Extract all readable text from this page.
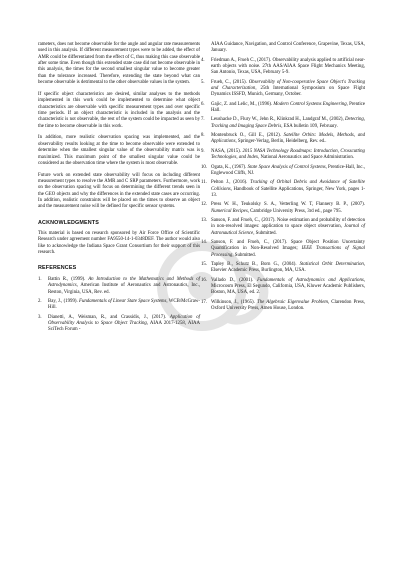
rameters, does not become observable for the angle and angular rate measurements used in this analysis. If different measurement types were to be added, the effect of AMR could be differentiated from the effect of C, thus making this case observable after some time. Even though this extended state case did not become observable in this analysis, the times for the second smallest singular value to become greater than the tolerance increased. Therefore, extending the state beyond what can become observable is detrimental to the other observable values in the system.

If specific object characteristics are desired, similar analyses to the methods implemented in this work could be implemented to determine what object characteristics are observable with specific measurement types and over specific time periods. If an object characteristic is included in the analysis and the characteristic is not observable, the rest of the system could be impacted as seen by the time to become observable in this work.

In addition, more realistic observation spacing was implemented, and the observability results looking at the time to become observable were extended to determine when the smallest singular value of the observability matrix was is maximized. This maximum point of the smallest singular value could be considered as the observation time where the system is most observable.

Future work on extended state observability will focus on including different measurement types to resolve the AMR and C SRP parameters. Furthermore, work on the observation spacing will focus on determining the different trends seen in the GEO objects and why the differences in the extended state cases are occurring. In addition, realistic constraints will be placed on the times to observe an object and the measurement noise will be defined for specific sensor systems.

ACKNOWLEDGMENTS

This material is based on research sponsored by Air Force Office of Scientific Research under agreement number FA9550-14-1-0348DEF. The author would also like to acknowledge the Indiana Space Grant Consortium for their support of this research.

REFERENCES
1. Battin R., (1999). An Introduction to the Mathematics and Methods of Astrodynamics, American Institute of Aeronautics and Astronautics, Inc., Reston, Virginia, USA, Rev. ed.
2. Bay, J., (1999). Fundamentals of Linear State Space Systems, WCB/McGraw-Hill.
3. Dianetti, A., Weisman, R., and Crassidis, J., (2017). Application of Observability Analysis to Space Object Tracking, AIAA 2017-1258, AIAA SciTech Forum -
AIAA Guidance, Navigation, and Control Conference, Grapevine, Texas, USA, January.
4. Friedman A., Frueh C., (2017). Observability analysis applied to artificial near-earth objects with noise. 27th AAS/AIAA Space Flight Mechanics Meeting, San Antonio, Texas, USA, February 5-9.
5. Frueh, C., (2015). Observability of Non-cooperative Space Object's Tracking and Characterization, 25th International Symposium on Space Flight Dynamics ISSFD, Munich, Germany, October.
6. Gajic, Z. and Lelic, M., (1996). Modern Control Systems Engineering, Prentice Hall.
7. Leushacke D., Flury W., Jehn R., Klinkrad H., Landgraf M., (2002), Detecting, Tracking and Imaging Space Debris, ESA bulletin 109, February.
8. Montenbruck O., Gill E., (2012). Satellite Orbits: Models, Methods, and Applications, Springer-Verlag, Berlin, Heidelberg, Rev. ed..
9. NASA, (2015). 2015 NASA Technology Roadmaps: Introduction, Crosscutting Technologies, and Index, National Aeronautics and Space Administration.
10. Ogata, K., (1967). State Space Analysis of Control Systems, Prentice-Hall, Inc., Englewood Cliffs, NJ.
11. Pelton J., (2016). Tracking of Orbital Debris and Avoidance of Satellite Collisions, Handbook of Satellite Applications, Springer, New York, pages 1-13.
12. Press W. H., Teukolsky S. A., Vetterling W. T, Flannery B. P., (2007). Numerical Recipes, Cambridge University Press, 3rd ed., page 795.
13. Sanson, F. and Frueh, C., (2017). Noise estimation and probability of detection in non-resolved images: application to space object observation, Journal of Astronautical Science, Submitted.
14. Sanson, F. and Frueh, C., (2017). Space Object Position Uncertainty Quantification in Non-Resolved Images; IEEE Transactions of Signal Processing, Submitted.
15. Tapley B., Schutz B., Born G., (2004). Statistical Orbit Determination, Elsevier Academic Press, Burlington, MA, USA.
16. Vallado D., (2001). Fundamentals of Astrodynamics and Applications, Microcosm Press, El Segundo, California, USA, Kluwer Academic Publishers, Boston, MA, USA, ed. 2.
17. Wilkinson, J., (1965). The Algebraic Eigenvalue Problem, Clarendon Press, Oxford University Press, Amen House, London.
